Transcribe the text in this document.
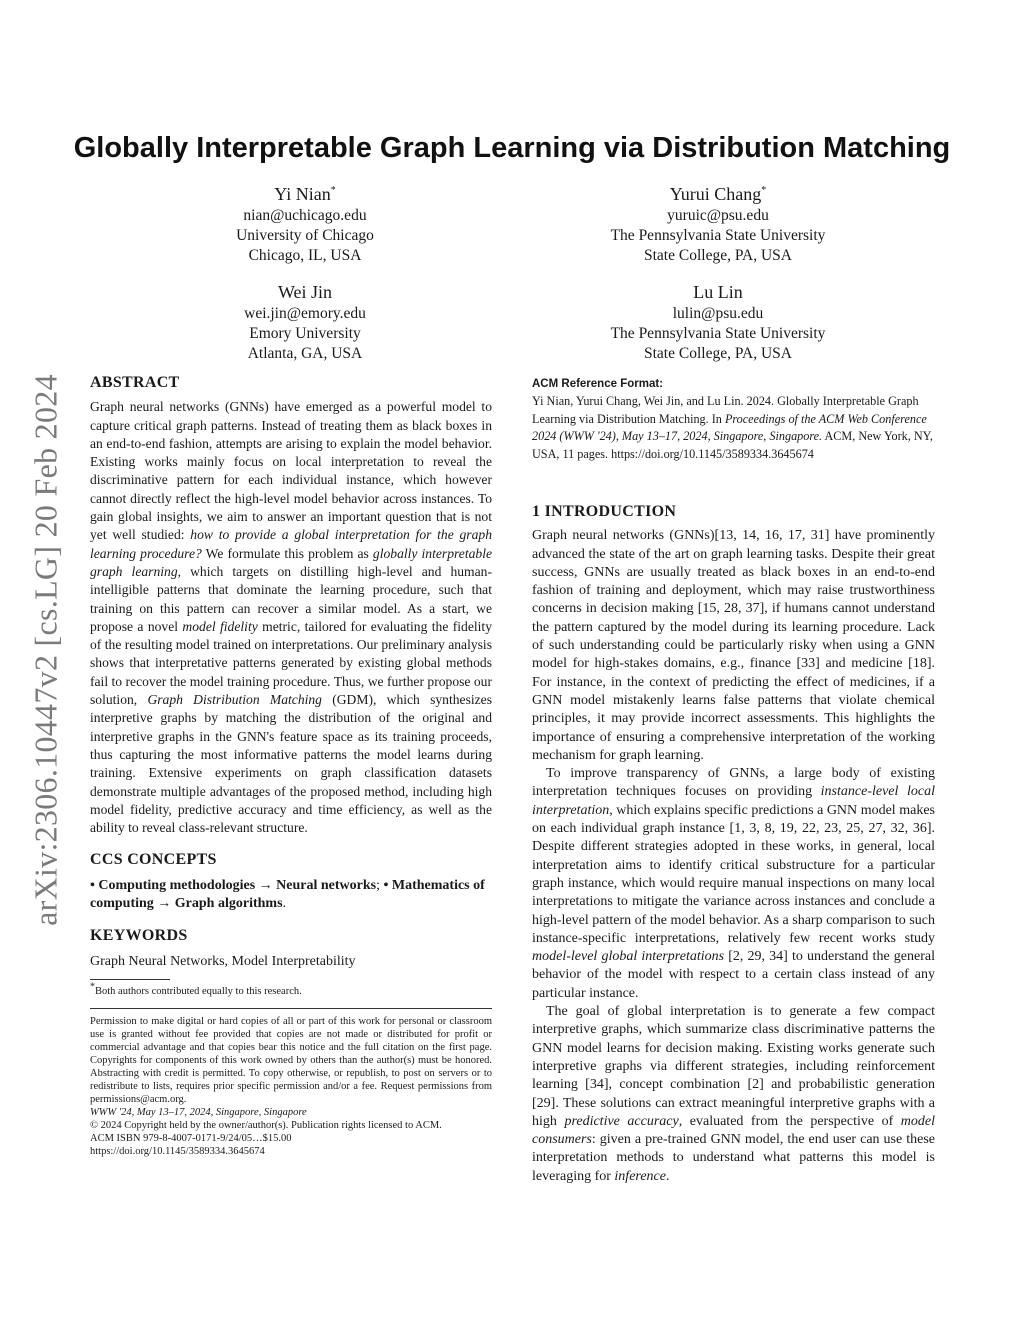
arXiv:2306.10447v2 [cs.LG] 20 Feb 2024
Globally Interpretable Graph Learning via Distribution Matching
Yi Nian*
nian@uchicago.edu
University of Chicago
Chicago, IL, USA
Yurui Chang*
yuruic@psu.edu
The Pennsylvania State University
State College, PA, USA
Wei Jin
wei.jin@emory.edu
Emory University
Atlanta, GA, USA
Lu Lin
lulin@psu.edu
The Pennsylvania State University
State College, PA, USA
ABSTRACT

Graph neural networks (GNNs) have emerged as a powerful model to capture critical graph patterns. Instead of treating them as black boxes in an end-to-end fashion, attempts are arising to explain the model behavior. Existing works mainly focus on local interpretation to reveal the discriminative pattern for each individual instance, which however cannot directly reflect the high-level model behavior across instances. To gain global insights, we aim to answer an important question that is not yet well studied: how to provide a global interpretation for the graph learning procedure? We formulate this problem as globally interpretable graph learning, which targets on distilling high-level and human-intelligible patterns that dominate the learning procedure, such that training on this pattern can recover a similar model. As a start, we propose a novel model fidelity metric, tailored for evaluating the fidelity of the resulting model trained on interpretations. Our preliminary analysis shows that interpretative patterns generated by existing global methods fail to recover the model training procedure. Thus, we further propose our solution, Graph Distribution Matching (GDM), which synthesizes interpretive graphs by matching the distribution of the original and interpretive graphs in the GNN's feature space as its training proceeds, thus capturing the most informative patterns the model learns during training. Extensive experiments on graph classification datasets demonstrate multiple advantages of the proposed method, including high model fidelity, predictive accuracy and time efficiency, as well as the ability to reveal class-relevant structure.

CCS CONCEPTS

• Computing methodologies → Neural networks; • Mathematics of computing → Graph algorithms.

KEYWORDS

Graph Neural Networks, Model Interpretability

*Both authors contributed equally to this research.
Permission to make digital or hard copies of all or part of this work for personal or classroom use is granted without fee provided that copies are not made or distributed for profit or commercial advantage and that copies bear this notice and the full citation on the first page. Copyrights for components of this work owned by others than the author(s) must be honored. Abstracting with credit is permitted. To copy otherwise, or republish, to post on servers or to redistribute to lists, requires prior specific permission and/or a fee. Request permissions from permissions@acm.org.
WWW '24, May 13–17, 2024, Singapore, Singapore
© 2024 Copyright held by the owner/author(s). Publication rights licensed to ACM.
ACM ISBN 979-8-4007-0171-9/24/05…$15.00
https://doi.org/10.1145/3589334.3645674
ACM Reference Format:
Yi Nian, Yurui Chang, Wei Jin, and Lu Lin. 2024. Globally Interpretable Graph Learning via Distribution Matching. In Proceedings of the ACM Web Conference 2024 (WWW '24), May 13–17, 2024, Singapore, Singapore. ACM, New York, NY, USA, 11 pages. https://doi.org/10.1145/3589334.3645674
1 INTRODUCTION

Graph neural networks (GNNs)[13, 14, 16, 17, 31] have prominently advanced the state of the art on graph learning tasks. Despite their great success, GNNs are usually treated as black boxes in an end-to-end fashion of training and deployment, which may raise trustworthiness concerns in decision making [15, 28, 37], if humans cannot understand the pattern captured by the model during its learning procedure. Lack of such understanding could be particularly risky when using a GNN model for high-stakes domains, e.g., finance [33] and medicine [18]. For instance, in the context of predicting the effect of medicines, if a GNN model mistakenly learns false patterns that violate chemical principles, it may provide incorrect assessments. This highlights the importance of ensuring a comprehensive interpretation of the working mechanism for graph learning.

To improve transparency of GNNs, a large body of existing interpretation techniques focuses on providing instance-level local interpretation, which explains specific predictions a GNN model makes on each individual graph instance [1, 3, 8, 19, 22, 23, 25, 27, 32, 36]. Despite different strategies adopted in these works, in general, local interpretation aims to identify critical substructure for a particular graph instance, which would require manual inspections on many local interpretations to mitigate the variance across instances and conclude a high-level pattern of the model behavior. As a sharp comparison to such instance-specific interpretations, relatively few recent works study model-level global interpretations [2, 29, 34] to understand the general behavior of the model with respect to a certain class instead of any particular instance.

The goal of global interpretation is to generate a few compact interpretive graphs, which summarize class discriminative patterns the GNN model learns for decision making. Existing works generate such interpretive graphs via different strategies, including reinforcement learning [34], concept combination [2] and probabilistic generation [29]. These solutions can extract meaningful interpretive graphs with a high predictive accuracy, evaluated from the perspective of model consumers: given a pre-trained GNN model, the end user can use these interpretation methods to understand what patterns this model is leveraging for inference.
